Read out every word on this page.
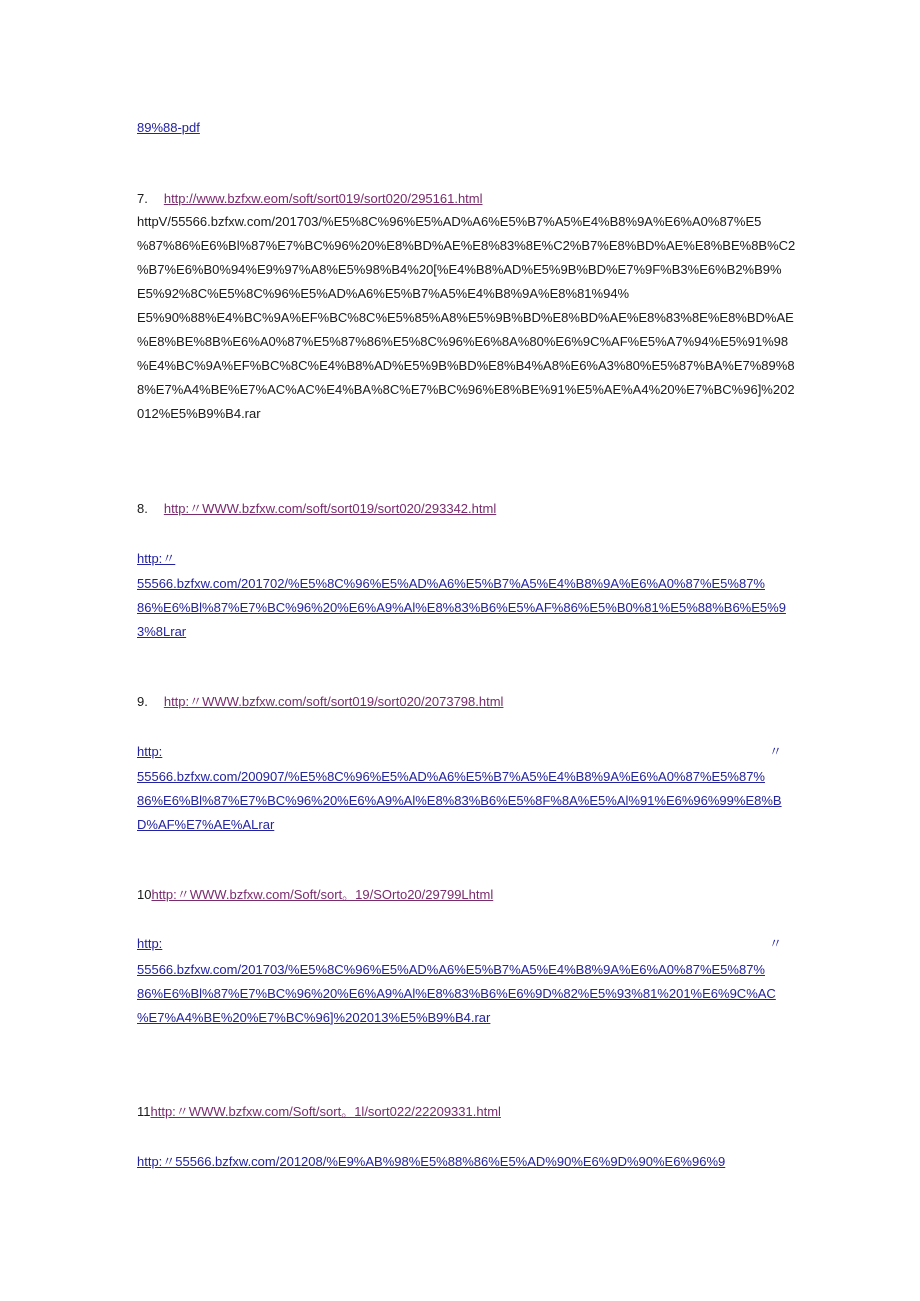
89%88-pdf
7. http://www.bzfxw.eom/soft/sort019/sort020/295161.html
httpV/55566.bzfxw.com/201703/%E5%8C%96%E5%AD%A6%E5%B7%A5%E4%B8%9A%E6%A0%87%E5
%87%86%E6%Bl%87%E7%BC%96%20%E8%BD%AE%E8%83%8E%C2%B7%E8%BD%AE%E8%BE%8B%C2
%B7%E6%B0%94%E9%97%A8%E5%98%B4%20[%E4%B8%AD%E5%9B%BD%E7%9F%B3%E6%B2%B9%
E5%92%8C%E5%8C%96%E5%AD%A6%E5%B7%A5%E4%B8%9A%E8%81%94%
E5%90%88%E4%BC%9A%EF%BC%8C%E5%85%A8%E5%9B%BD%E8%BD%AE%E8%83%8E%E8%BD%AE
%E8%BE%8B%E6%A0%87%E5%87%86%E5%8C%96%E6%8A%80%E6%9C%AF%E5%A7%94%E5%91%98
%E4%BC%9A%EF%BC%8C%E4%B8%AD%E5%9B%BD%E8%B4%A8%E6%A3%80%E5%87%BA%E7%89%8
8%E7%A4%BE%E7%AC%AC%E4%BA%8C%E7%BC%96%E8%BE%91%E5%AE%A4%20%E7%BC%96]%202
012%E5%B9%B4.rar
8. http:〃WWW.bzfxw.com/soft/sort019/sort020/293342.html
http:〃
55566.bzfxw.com/201702/%E5%8C%96%E5%AD%A6%E5%B7%A5%E4%B8%9A%E6%A0%87%E5%87%
86%E6%Bl%87%E7%BC%96%20%E6%A9%Al%E8%83%B6%E5%AF%86%E5%B0%81%E5%88%B6%E5%9
3%8Lrar
9. http:〃WWW.bzfxw.com/soft/sort019/sort020/2073798.html
http:	〃
55566.bzfxw.com/200907/%E5%8C%96%E5%AD%A6%E5%B7%A5%E4%B8%9A%E6%A0%87%E5%87%
86%E6%Bl%87%E7%BC%96%20%E6%A9%Al%E8%83%B6%E5%8F%8A%E5%Al%91%E6%96%99%E8%B
D%AF%E7%AE%ALrar
10http:〃WWW.bzfxw.com/Soft/sort。19/SOrto20/29799Lhtml
http:	〃
55566.bzfxw.com/201703/%E5%8C%96%E5%AD%A6%E5%B7%A5%E4%B8%9A%E6%A0%87%E5%87%
86%E6%Bl%87%E7%BC%96%20%E6%A9%Al%E8%83%B6%E6%9D%82%E5%93%81%201%E6%9C%AC
%E7%A4%BE%20%E7%BC%96]%202013%E5%B9%B4.rar
11http:〃WWW.bzfxw.com/Soft/sort。1l/sort022/22209331.html
http:〃55566.bzfxw.com/201208/%E9%AB%98%E5%88%86%E5%AD%90%E6%9D%90%E6%96%9
